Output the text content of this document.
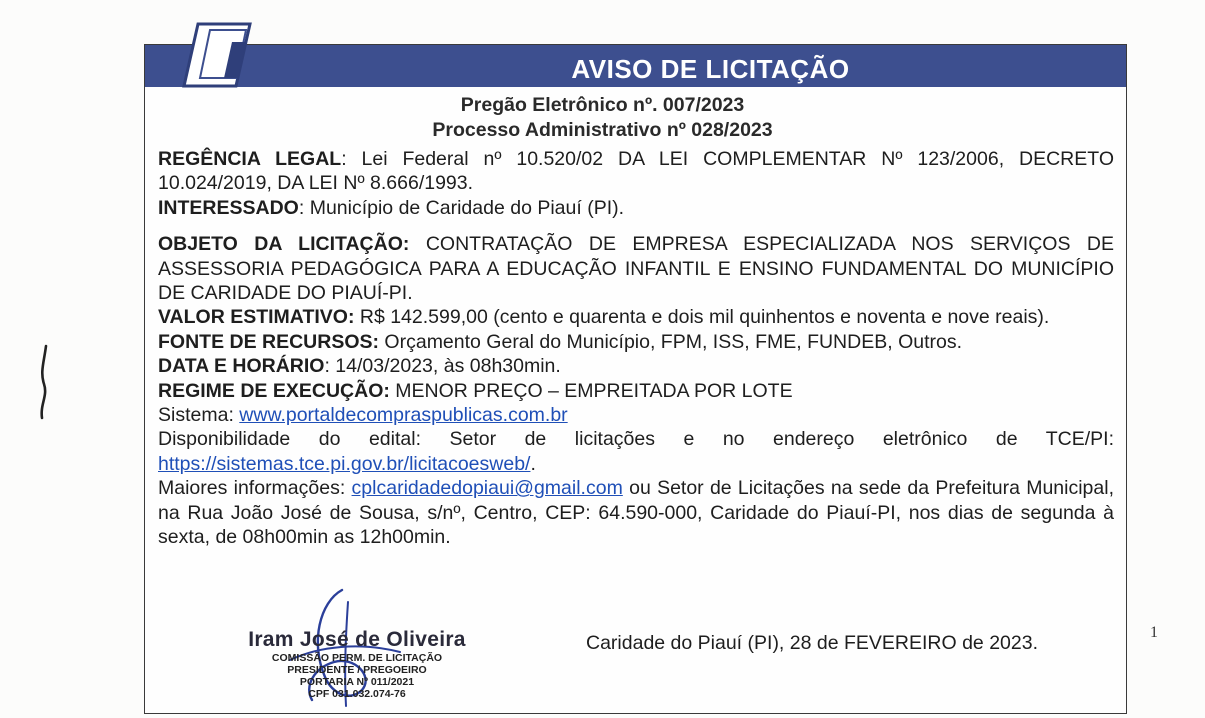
AVISO DE LICITAÇÃO
Pregão Eletrônico nº. 007/2023
Processo Administrativo nº 028/2023

REGÊNCIA LEGAL: Lei Federal nº 10.520/02 DA LEI COMPLEMENTAR Nº 123/2006, DECRETO 10.024/2019, DA LEI Nº 8.666/1993.

INTERESSADO: Município de Caridade do Piauí (PI).

OBJETO DA LICITAÇÃO: CONTRATAÇÃO DE EMPRESA ESPECIALIZADA NOS SERVIÇOS DE ASSESSORIA PEDAGÓGICA PARA A EDUCAÇÃO INFANTIL E ENSINO FUNDAMENTAL DO MUNICÍPIO DE CARIDADE DO PIAUÍ-PI.

VALOR ESTIMATIVO: R$ 142.599,00 (cento e quarenta e dois mil quinhentos e noventa e nove reais).

FONTE DE RECURSOS: Orçamento Geral do Município, FPM, ISS, FME, FUNDEB, Outros.

DATA E HORÁRIO: 14/03/2023, às 08h30min.

REGIME DE EXECUÇÃO: MENOR PREÇO – EMPREITADA POR LOTE

Sistema: www.portaldecompraspublicas.com.br

Disponibilidade do edital: Setor de licitações e no endereço eletrônico de TCE/PI:

https://sistemas.tce.pi.gov.br/licitacoesweb/.

Maiores informações: cplcaridadedopiaui@gmail.com ou Setor de Licitações na sede da Prefeitura Municipal, na Rua João José de Sousa, s/nº, Centro, CEP: 64.590-000, Caridade do Piauí-PI, nos dias de segunda à sexta, de 08h00min as 12h00min.

Iram José de Oliveira
COMISSÃO PERM. DE LICITAÇÃO
PRESIDENTE / PREGOEIRO
PORTARIA Nº 011/2021
CPF 031.032.074-76
Caridade do Piauí (PI), 28 de FEVEREIRO de 2023.	1
